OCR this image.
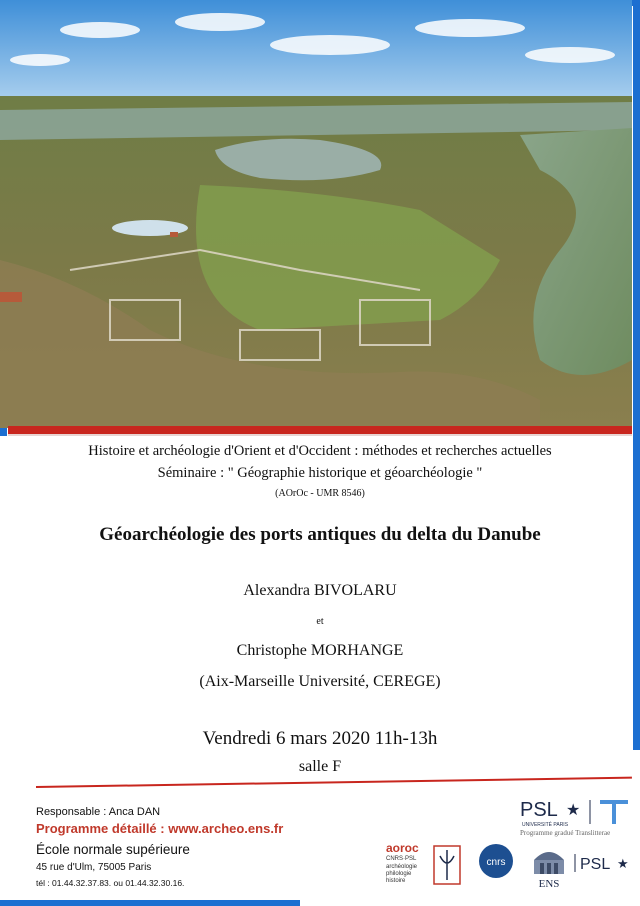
Histoire et archéologie d'Orient et d'Occident : méthodes et recherches actuelles
Séminaire : " Géographie historique et géoarchéologie "
(AOrOc - UMR 8546)
Géoarchéologie des ports antiques du delta du Danube
Alexandra BIVOLARU
et
Christophe MORHANGE
(Aix-Marseille Université, CEREGE)
Vendredi 6 mars 2020 11h-13h
salle F
Responsable : Anca DAN
Programme détaillé : www.archeo.ens.fr
École normale supérieure
45 rue d'Ulm, 75005 Paris
tél : 01.44.32.37.83. ou 01.44.32.30.16.
PSL ★
UNIVERSITÉ PARIS
Programme gradué Translitterae
aoroc
CNRS·PSL
archéologie
philologie
histoire
cnrs
ENS
PSL ★
